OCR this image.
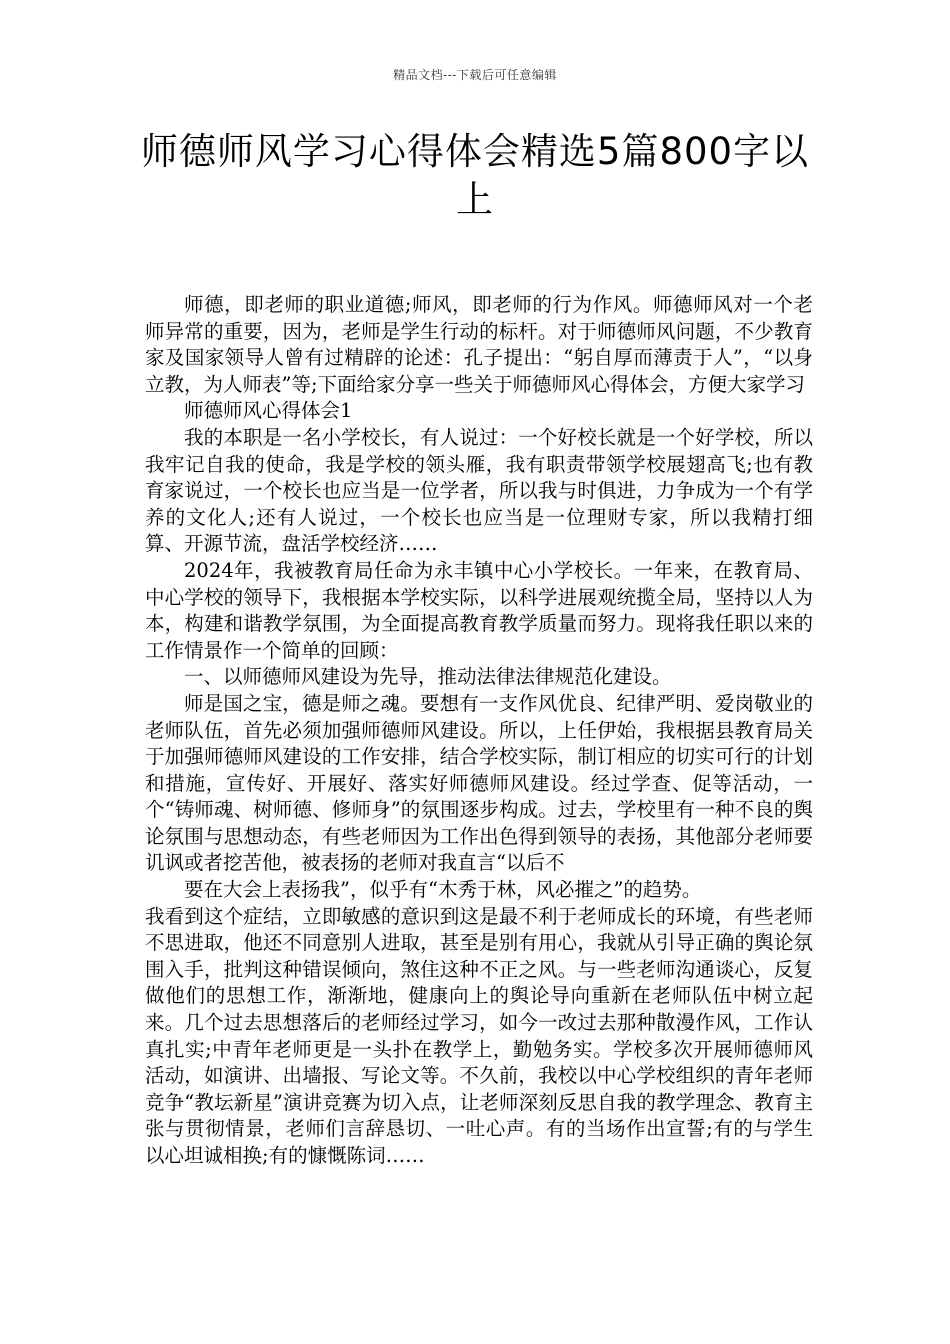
精品文档---下载后可任意编辑
师德师风学习心得体会精选5篇800字以上

师德，即老师的职业道德;师风，即老师的行为作风。师德师风对一个老师异常的重要，因为，老师是学生行动的标杆。对于师德师风问题，不少教育家及国家领导人曾有过精辟的论述：孔子提出：“躬自厚而薄责于人”，“以身立教，为人师表”等;下面给家分享一些关于师德师风心得体会，方便大家学习

师德师风心得体会1

我的本职是一名小学校长，有人说过：一个好校长就是一个好学校，所以我牢记自我的使命，我是学校的领头雁，我有职责带领学校展翅高飞;也有教育家说过，一个校长也应当是一位学者，所以我与时俱进，力争成为一个有学养的文化人;还有人说过，一个校长也应当是一位理财专家，所以我精打细算、开源节流，盘活学校经济……

2024年，我被教育局任命为永丰镇中心小学校长。一年来，在教育局、中心学校的领导下，我根据本学校实际，以科学进展观统揽全局，坚持以人为本，构建和谐教学氛围，为全面提高教育教学质量而努力。现将我任职以来的工作情景作一个简单的回顾：

一、以师德师风建设为先导，推动法律法律规范化建设。

师是国之宝，德是师之魂。要想有一支作风优良、纪律严明、爱岗敬业的老师队伍，首先必须加强师德师风建设。所以，上任伊始，我根据县教育局关于加强师德师风建设的工作安排，结合学校实际，制订相应的切实可行的计划和措施，宣传好、开展好、落实好师德师风建设。经过学查、促等活动，一个“铸师魂、树师德、修师身”的氛围逐步构成。过去，学校里有一种不良的舆论氛围与思想动态，有些老师因为工作出色得到领导的表扬，其他部分老师要讥讽或者挖苦他，被表扬的老师对我直言“以后不

要在大会上表扬我”，似乎有“木秀于林，风必摧之”的趋势。

我看到这个症结，立即敏感的意识到这是最不利于老师成长的环境，有些老师不思进取，他还不同意别人进取，甚至是别有用心，我就从引导正确的舆论氛围入手，批判这种错误倾向，煞住这种不正之风。与一些老师沟通谈心，反复做他们的思想工作，渐渐地，健康向上的舆论导向重新在老师队伍中树立起来。几个过去思想落后的老师经过学习，如今一改过去那种散漫作风，工作认真扎实;中青年老师更是一头扑在教学上，勤勉务实。学校多次开展师德师风活动，如演讲、出墙报、写论文等。不久前，我校以中心学校组织的青年老师竞争“教坛新星”演讲竞赛为切入点，让老师深刻反思自我的教学理念、教育主张与贯彻情景，老师们言辞恳切、一吐心声。有的当场作出宣誓;有的与学生以心坦诚相换;有的慷慨陈词……
